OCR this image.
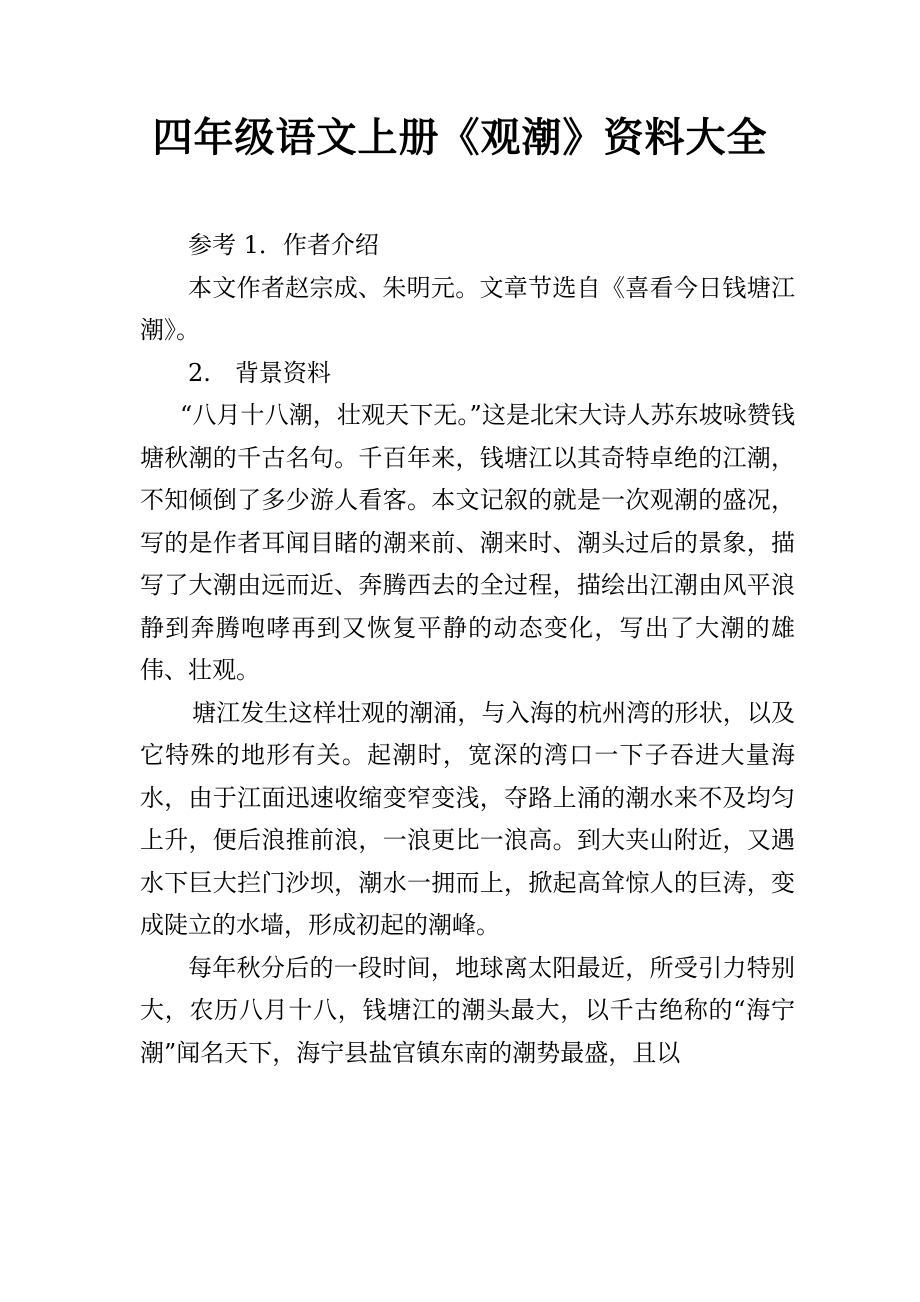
四年级语文上册《观潮》资料大全

参考 1．作者介绍

本文作者赵宗成、朱明元。文章节选自《喜看今日钱塘江潮》。

2.　背景资料

“八月十八潮，壮观天下无。”这是北宋大诗人苏东坡咏赞钱塘秋潮的千古名句。千百年来，钱塘江以其奇特卓绝的江潮，不知倾倒了多少游人看客。本文记叙的就是一次观潮的盛况，写的是作者耳闻目睹的潮来前、潮来时、潮头过后的景象，描写了大潮由远而近、奔腾西去的全过程，描绘出江潮由风平浪静到奔腾咆哮再到又恢复平静的动态变化，写出了大潮的雄伟、壮观。

塘江发生这样壮观的潮涌，与入海的杭州湾的形状，以及它特殊的地形有关。起潮时，宽深的湾口一下子吞进大量海水，由于江面迅速收缩变窄变浅，夺路上涌的潮水来不及均匀上升，便后浪推前浪，一浪更比一浪高。到大夹山附近，又遇水下巨大拦门沙坝，潮水一拥而上，掀起高耸惊人的巨涛，变成陡立的水墙，形成初起的潮峰。

每年秋分后的一段时间，地球离太阳最近，所受引力特别大，农历八月十八，钱塘江的潮头最大，以千古绝称的“海宁潮”闻名天下，海宁县盐官镇东南的潮势最盛，且以
